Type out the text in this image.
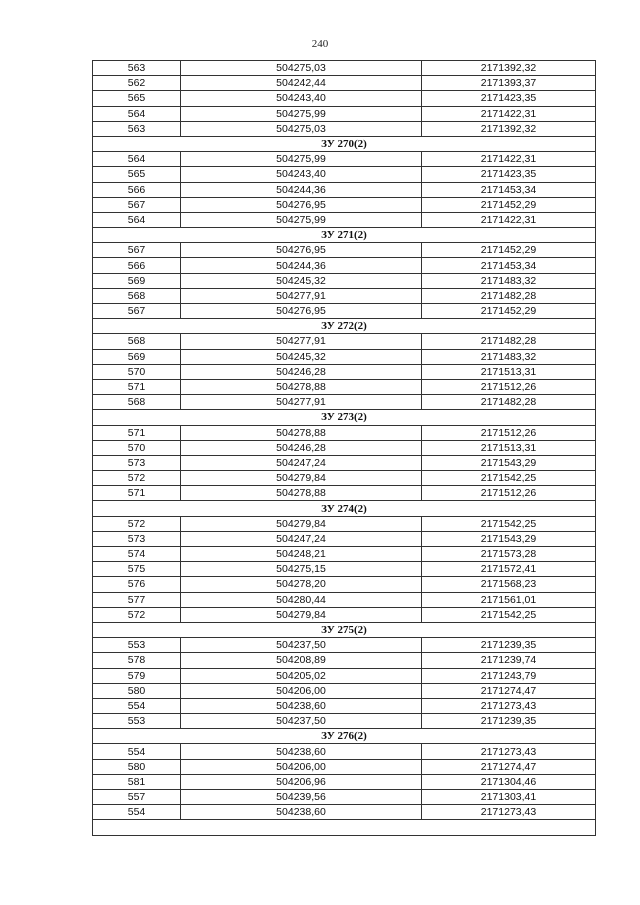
240
563	504275,03	2171392,32
562	504242,44	2171393,37
565	504243,40	2171423,35
564	504275,99	2171422,31
563	504275,03	2171392,32
ЗУ 270(2)		
564	504275,99	2171422,31
565	504243,40	2171423,35
566	504244,36	2171453,34
567	504276,95	2171452,29
564	504275,99	2171422,31
ЗУ 271(2)		
567	504276,95	2171452,29
566	504244,36	2171453,34
569	504245,32	2171483,32
568	504277,91	2171482,28
567	504276,95	2171452,29
ЗУ 272(2)		
568	504277,91	2171482,28
569	504245,32	2171483,32
570	504246,28	2171513,31
571	504278,88	2171512,26
568	504277,91	2171482,28
ЗУ 273(2)		
571	504278,88	2171512,26
570	504246,28	2171513,31
573	504247,24	2171543,29
572	504279,84	2171542,25
571	504278,88	2171512,26
ЗУ 274(2)		
572	504279,84	2171542,25
573	504247,24	2171543,29
574	504248,21	2171573,28
575	504275,15	2171572,41
576	504278,20	2171568,23
577	504280,44	2171561,01
572	504279,84	2171542,25
ЗУ 275(2)		
553	504237,50	2171239,35
578	504208,89	2171239,74
579	504205,02	2171243,79
580	504206,00	2171274,47
554	504238,60	2171273,43
553	504237,50	2171239,35
ЗУ 276(2)		
554	504238,60	2171273,43
580	504206,00	2171274,47
581	504206,96	2171304,46
557	504239,56	2171303,41
554	504238,60	2171273,43
